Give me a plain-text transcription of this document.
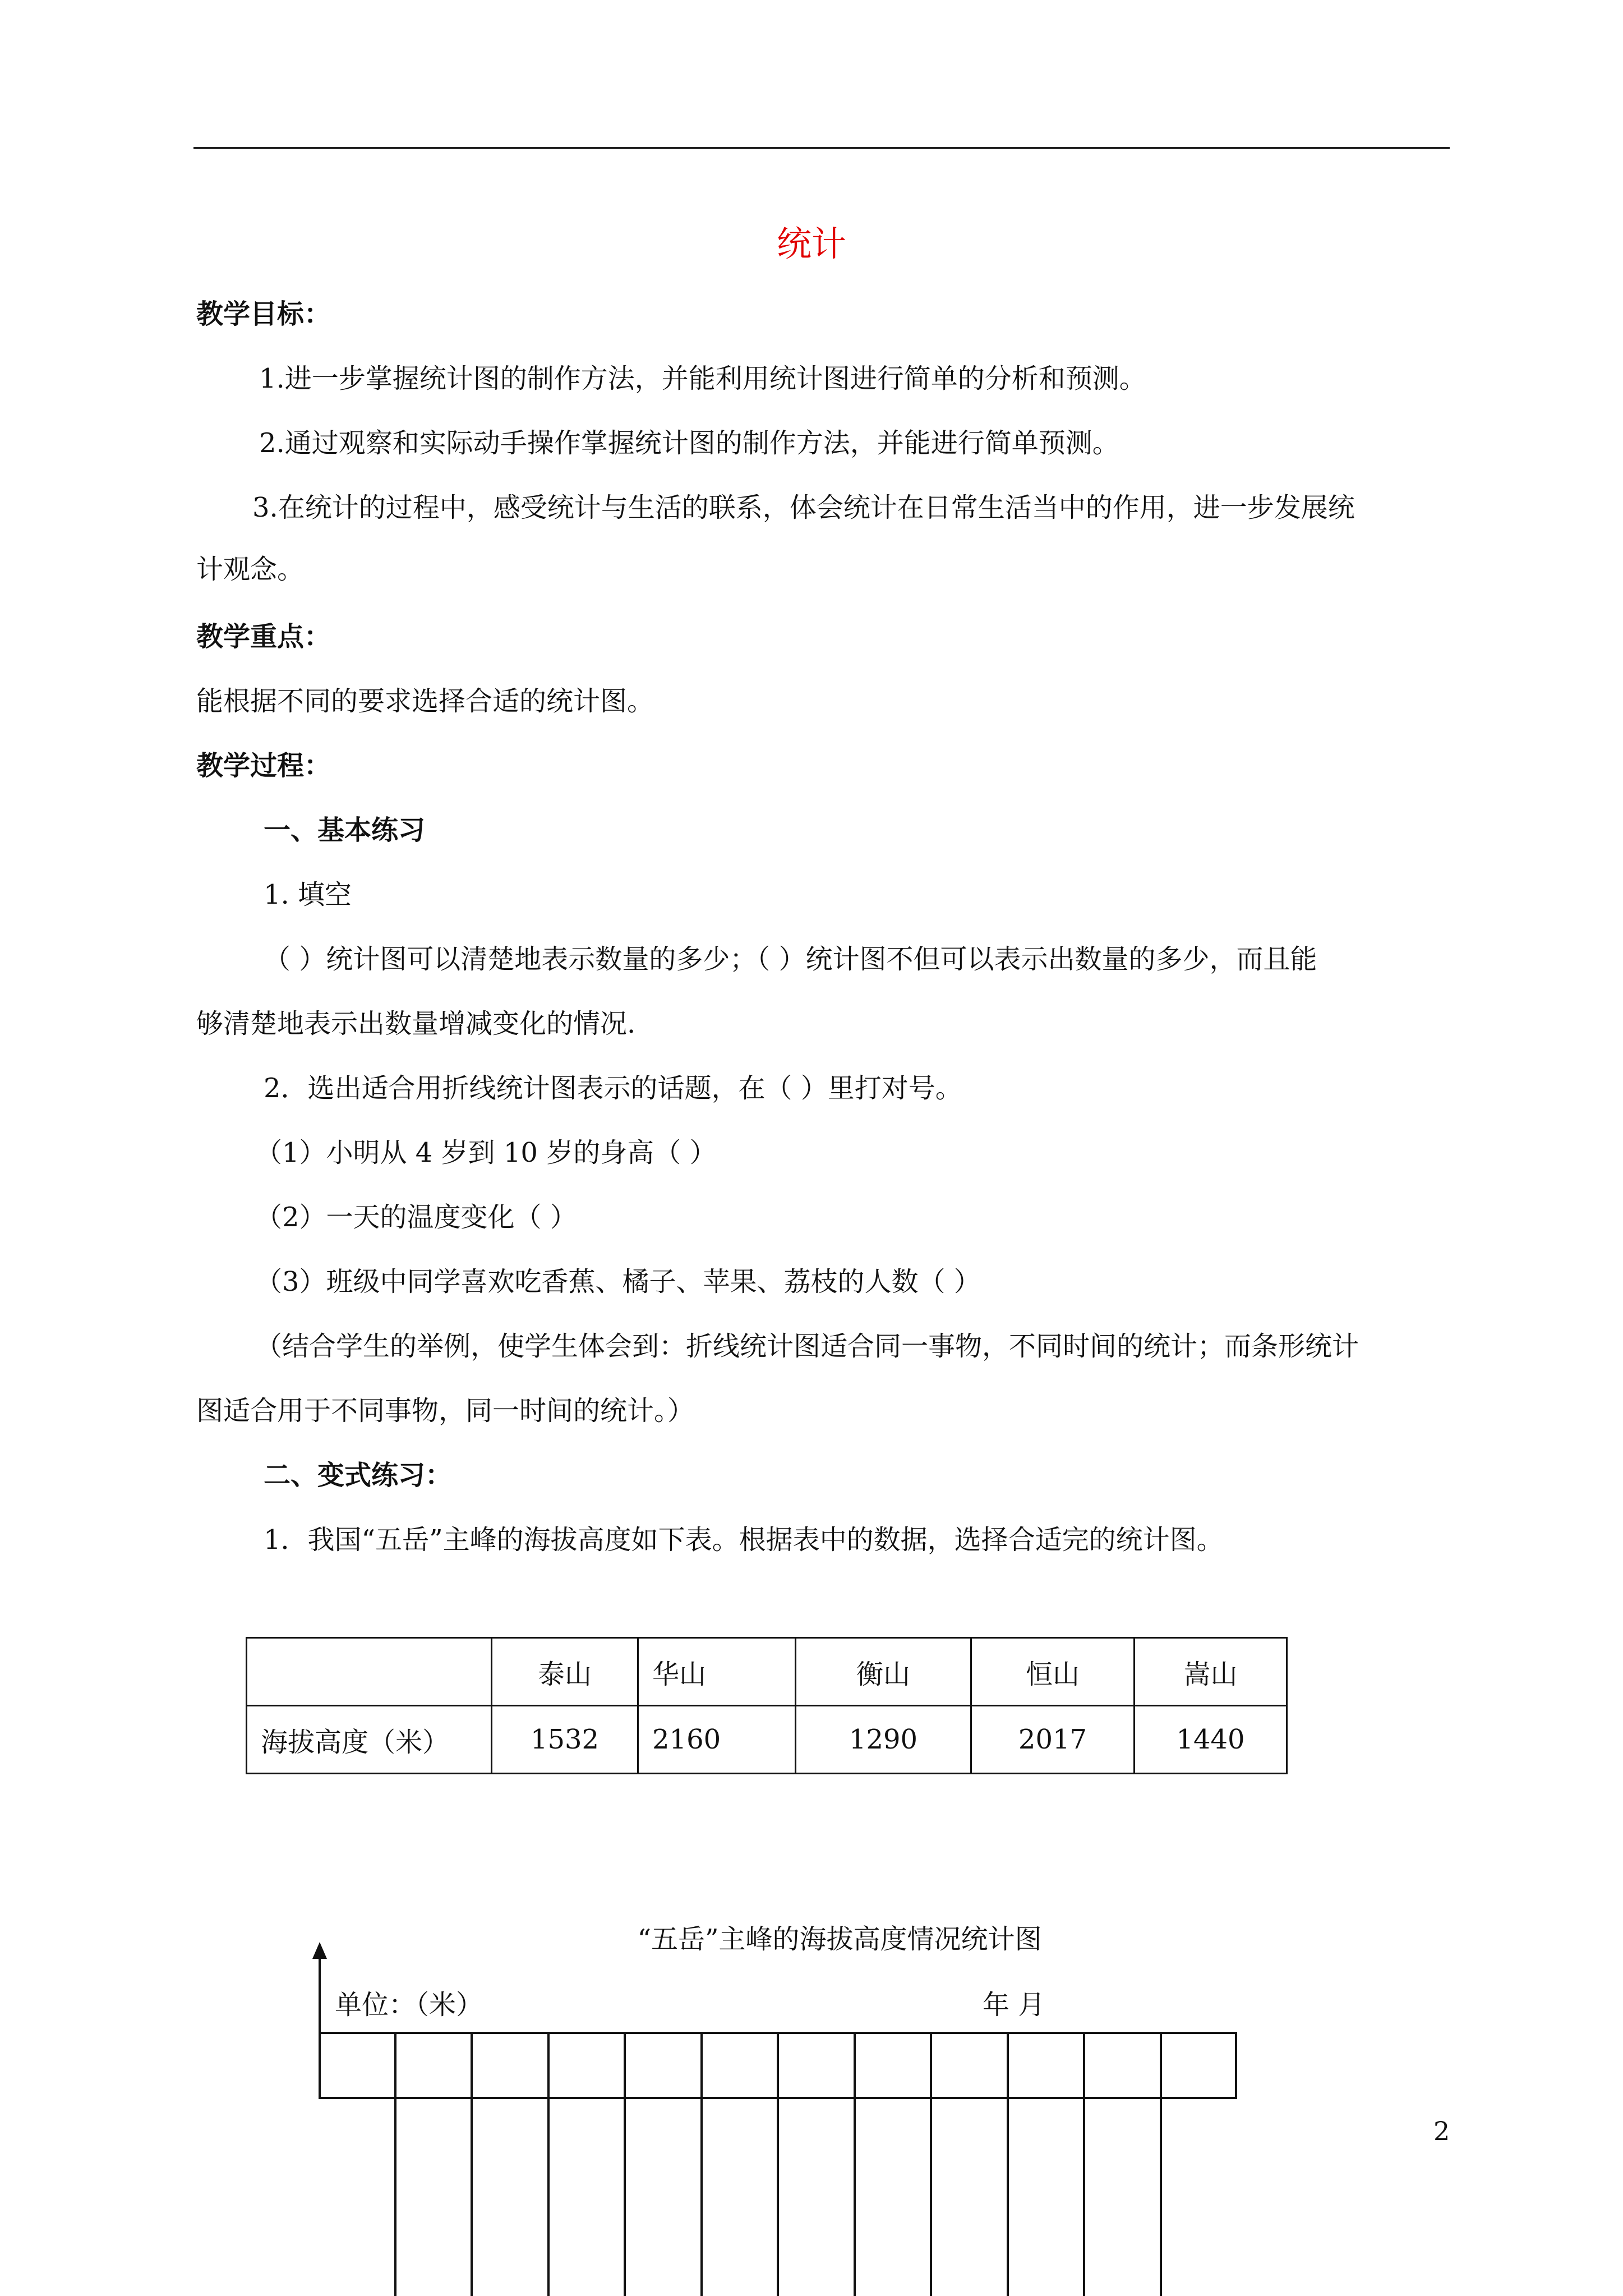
统计
教学目标：
1.进一步掌握统计图的制作方法，并能利用统计图进行简单的分析和预测。
2.通过观察和实际动手操作掌握统计图的制作方法，并能进行简单预测。
3.在统计的过程中，感受统计与生活的联系，体会统计在日常生活当中的作用，进一步发展统
计观念。
教学重点：
能根据不同的要求选择合适的统计图。
教学过程：
一、基本练习
1. 填空
（ ）统计图可以清楚地表示数量的多少；（ ）统计图不但可以表示出数量的多少，而且能
够清楚地表示出数量增减变化的情况.
2．选出适合用折线统计图表示的话题，在（ ）里打对号。
（1）小明从 4 岁到 10 岁的身高（ ）
（2）一天的温度变化（ ）
（3）班级中同学喜欢吃香蕉、橘子、苹果、荔枝的人数（ ）
（结合学生的举例，使学生体会到：折线统计图适合同一事物，不同时间的统计；而条形统计
图适合用于不同事物，同一时间的统计。）
二、变式练习：
1．我国“五岳”主峰的海拔高度如下表。根据表中的数据，选择合适完的统计图。
	泰山	华山	衡山	恒山	嵩山
海拔高度（米）	1532	2160	1290	2017	1440
“五岳”主峰的海拔高度情况统计图
单位：（米）	年 月
2
